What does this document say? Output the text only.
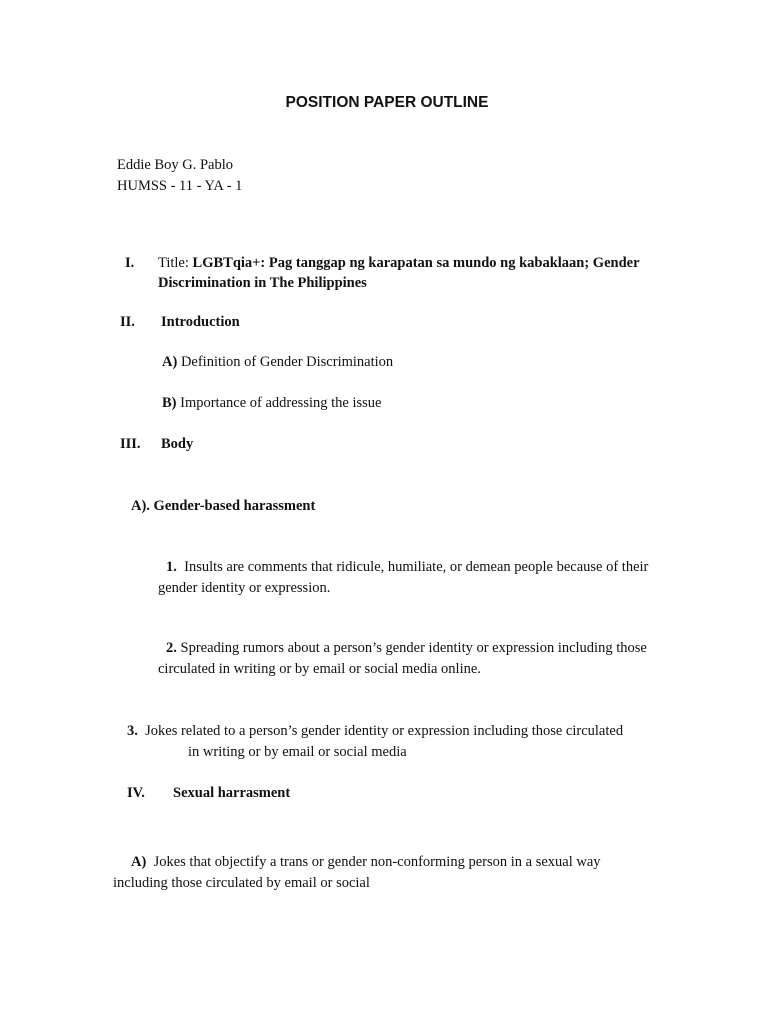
POSITION PAPER OUTLINE
Eddie Boy G. Pablo
HUMSS - 11 - YA - 1
I. Title: LGBTqia+: Pag tanggap ng karapatan sa mundo ng kabaklaan; Gender
Discrimination in The Philippines
II. Introduction
A) Definition of Gender Discrimination
B) Importance of addressing the issue
III. Body
A). Gender-based harassment
1. Insults are comments that ridicule, humiliate, or demean people because of their
gender identity or expression.
2. Spreading rumors about a person’s gender identity or expression including those
circulated in writing or by email or social media online.
3. Jokes related to a person’s gender identity or expression including those circulated
in writing or by email or social media
IV. Sexual harrasment
A) Jokes that objectify a trans or gender non-conforming person in a sexual way
including those circulated by email or social
